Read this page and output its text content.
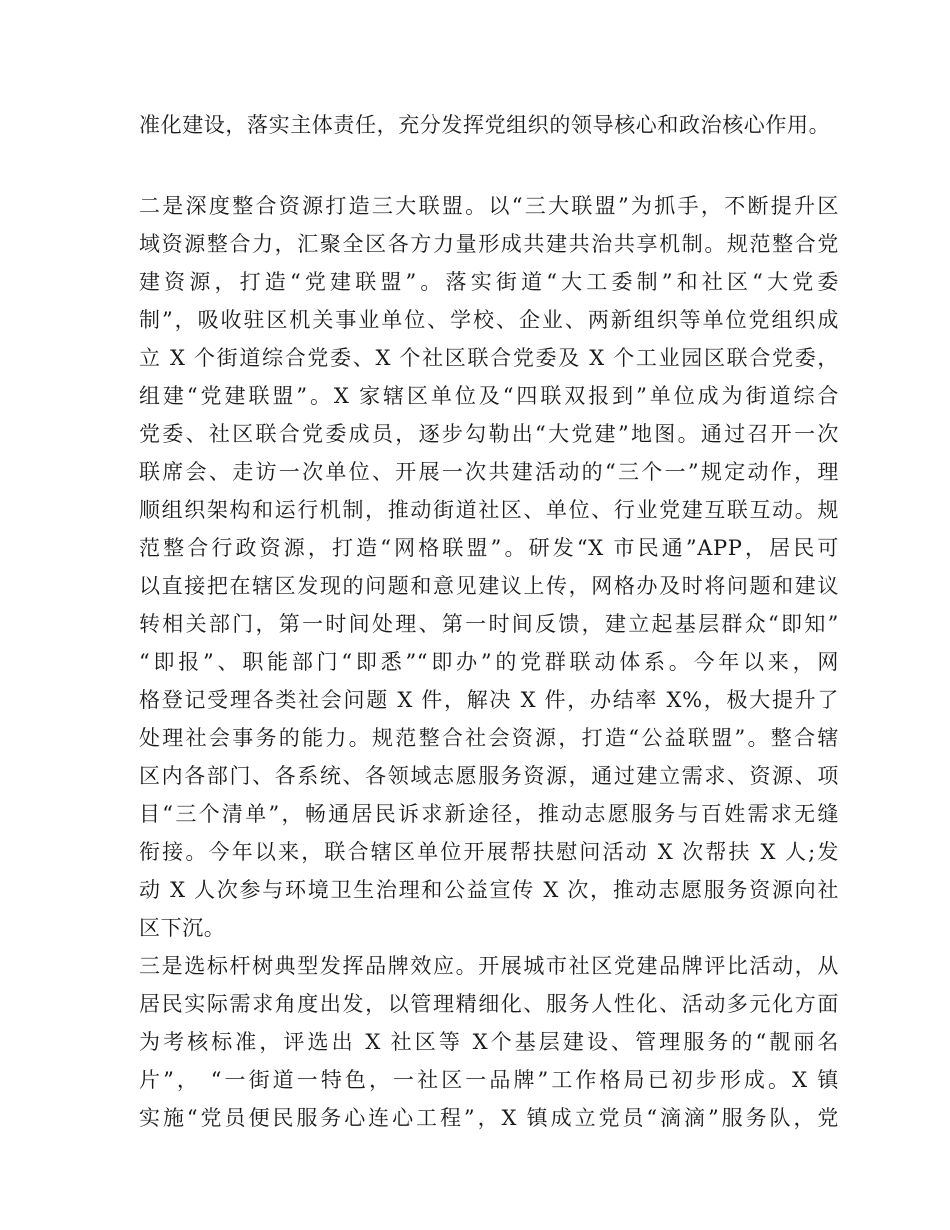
准化建设，落实主体责任，充分发挥党组织的领导核心和政治核心作用。
二是深度整合资源打造三大联盟。以“三大联盟”为抓手，不断提升区
域资源整合力，汇聚全区各方力量形成共建共治共享机制。规范整合党
建资源，打造“党建联盟”。落实街道“大工委制”和社区“大党委
制”，吸收驻区机关事业单位、学校、企业、两新组织等单位党组织成
立 X 个街道综合党委、X 个社区联合党委及 X 个工业园区联合党委，
组建“党建联盟”。X 家辖区单位及“四联双报到”单位成为街道综合
党委、社区联合党委成员，逐步勾勒出“大党建”地图。通过召开一次
联席会、走访一次单位、开展一次共建活动的“三个一”规定动作，理
顺组织架构和运行机制，推动街道社区、单位、行业党建互联互动。规
范整合行政资源，打造“网格联盟”。研发“X 市民通”APP，居民可
以直接把在辖区发现的问题和意见建议上传，网格办及时将问题和建议
转相关部门，第一时间处理、第一时间反馈，建立起基层群众“即知”
“即报”、职能部门“即悉”“即办”的党群联动体系。今年以来，网
格登记受理各类社会问题 X 件，解决 X 件，办结率 X%，极大提升了
处理社会事务的能力。规范整合社会资源，打造“公益联盟”。整合辖
区内各部门、各系统、各领域志愿服务资源，通过建立需求、资源、项
目“三个清单”，畅通居民诉求新途径，推动志愿服务与百姓需求无缝
衔接。今年以来，联合辖区单位开展帮扶慰问活动 X 次帮扶 X 人;发
动 X 人次参与环境卫生治理和公益宣传 X 次，推动志愿服务资源向社
区下沉。
三是选标杆树典型发挥品牌效应。开展城市社区党建品牌评比活动，从
居民实际需求角度出发，以管理精细化、服务人性化、活动多元化方面
为考核标准，评选出 X 社区等 X个基层建设、管理服务的“靓丽名
片”， “一街道一特色，一社区一品牌”工作格局已初步形成。X 镇
实施“党员便民服务心连心工程”，X 镇成立党员“滴滴”服务队，党
